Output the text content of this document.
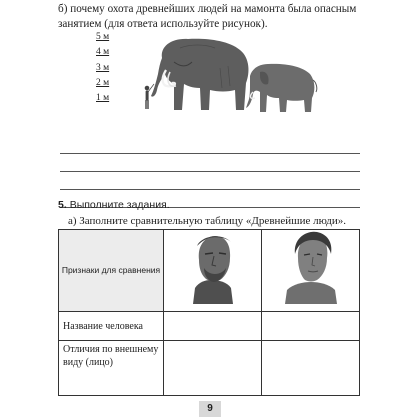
б) почему охота древнейших людей на мамонта была опасным занятием (для ответа используйте рисунок).
5 м
4 м
3 м
2 м
1 м
5. Выполните задания.
а) Заполните сравнительную таблицу «Древнейшие люди».
Признаки для сравнения		
Название человека		
Отличия по внешнему виду (лицо)		
9
